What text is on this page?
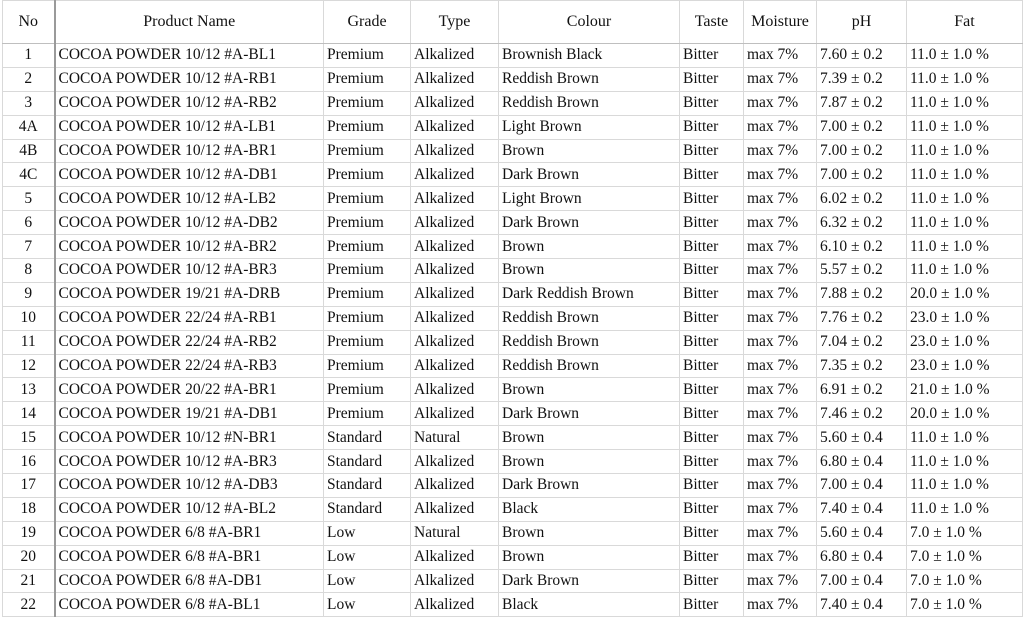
No	Product Name	Grade	Type	Colour	Taste	Moisture	pH	Fat
1	COCOA POWDER 10/12 #A-BL1	Premium	Alkalized	Brownish Black	Bitter	max 7%	7.60 ± 0.2	11.0 ± 1.0 %
2	COCOA POWDER 10/12 #A-RB1	Premium	Alkalized	Reddish Brown	Bitter	max 7%	7.39 ± 0.2	11.0 ± 1.0 %
3	COCOA POWDER 10/12 #A-RB2	Premium	Alkalized	Reddish Brown	Bitter	max 7%	7.87 ± 0.2	11.0 ± 1.0 %
4A	COCOA POWDER 10/12 #A-LB1	Premium	Alkalized	Light Brown	Bitter	max 7%	7.00 ± 0.2	11.0 ± 1.0 %
4B	COCOA POWDER 10/12 #A-BR1	Premium	Alkalized	Brown	Bitter	max 7%	7.00 ± 0.2	11.0 ± 1.0 %
4C	COCOA POWDER 10/12 #A-DB1	Premium	Alkalized	Dark Brown	Bitter	max 7%	7.00 ± 0.2	11.0 ± 1.0 %
5	COCOA POWDER 10/12 #A-LB2	Premium	Alkalized	Light Brown	Bitter	max 7%	6.02 ± 0.2	11.0 ± 1.0 %
6	COCOA POWDER 10/12 #A-DB2	Premium	Alkalized	Dark Brown	Bitter	max 7%	6.32 ± 0.2	11.0 ± 1.0 %
7	COCOA POWDER 10/12 #A-BR2	Premium	Alkalized	Brown	Bitter	max 7%	6.10 ± 0.2	11.0 ± 1.0 %
8	COCOA POWDER 10/12 #A-BR3	Premium	Alkalized	Brown	Bitter	max 7%	5.57 ± 0.2	11.0 ± 1.0 %
9	COCOA POWDER 19/21 #A-DRB	Premium	Alkalized	Dark Reddish Brown	Bitter	max 7%	7.88 ± 0.2	20.0 ± 1.0 %
10	COCOA POWDER 22/24 #A-RB1	Premium	Alkalized	Reddish Brown	Bitter	max 7%	7.76 ± 0.2	23.0 ± 1.0 %
11	COCOA POWDER 22/24 #A-RB2	Premium	Alkalized	Reddish Brown	Bitter	max 7%	7.04 ± 0.2	23.0 ± 1.0 %
12	COCOA POWDER 22/24 #A-RB3	Premium	Alkalized	Reddish Brown	Bitter	max 7%	7.35 ± 0.2	23.0 ± 1.0 %
13	COCOA POWDER 20/22 #A-BR1	Premium	Alkalized	Brown	Bitter	max 7%	6.91 ± 0.2	21.0 ± 1.0 %
14	COCOA POWDER 19/21 #A-DB1	Premium	Alkalized	Dark Brown	Bitter	max 7%	7.46 ± 0.2	20.0 ± 1.0 %
15	COCOA POWDER 10/12 #N-BR1	Standard	Natural	Brown	Bitter	max 7%	5.60 ± 0.4	11.0 ± 1.0 %
16	COCOA POWDER 10/12 #A-BR3	Standard	Alkalized	Brown	Bitter	max 7%	6.80 ± 0.4	11.0 ± 1.0 %
17	COCOA POWDER 10/12 #A-DB3	Standard	Alkalized	Dark Brown	Bitter	max 7%	7.00 ± 0.4	11.0 ± 1.0 %
18	COCOA POWDER 10/12 #A-BL2	Standard	Alkalized	Black	Bitter	max 7%	7.40 ± 0.4	11.0 ± 1.0 %
19	COCOA POWDER 6/8 #A-BR1	Low	Natural	Brown	Bitter	max 7%	5.60 ± 0.4	7.0 ± 1.0 %
20	COCOA POWDER 6/8 #A-BR1	Low	Alkalized	Brown	Bitter	max 7%	6.80 ± 0.4	7.0 ± 1.0 %
21	COCOA POWDER 6/8 #A-DB1	Low	Alkalized	Dark Brown	Bitter	max 7%	7.00 ± 0.4	7.0 ± 1.0 %
22	COCOA POWDER 6/8 #A-BL1	Low	Alkalized	Black	Bitter	max 7%	7.40 ± 0.4	7.0 ± 1.0 %
